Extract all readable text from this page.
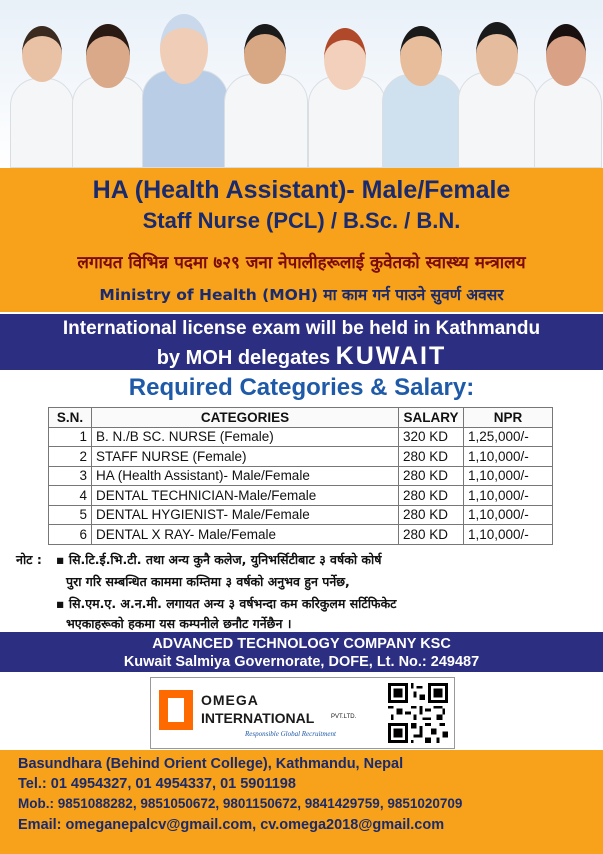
HA (Health Assistant)- Male/Female
Staff Nurse (PCL) / B.Sc. / B.N.
लगायत विभिन्न पदमा ७२९ जना नेपालीहरूलाई कुवेतको स्वास्थ्य मन्त्रालय
Ministry of Health (MOH) मा काम गर्न पाउने सुवर्ण अवसर
International license exam will be held in Kathmandu
by MOH delegates KUWAIT
Required Categories & Salary:
S.N.	CATEGORIES	SALARY	NPR
1	B. N./B SC. NURSE (Female)	320 KD	1,25,000/-
2	STAFF NURSE (Female)	280 KD	1,10,000/-
3	HA (Health Assistant)- Male/Female	280 KD	1,10,000/-
4	DENTAL TECHNICIAN-Male/Female	280 KD	1,10,000/-
5	DENTAL HYGIENIST- Male/Female	280 KD	1,10,000/-
6	DENTAL X RAY- Male/Female	280 KD	1,10,000/-
नोट : ▪ सि.टि.ई.भि.टी. तथा अन्य कुनै कलेज, युनिभर्सिटीबाट ३ वर्षको कोर्ष
पुरा गरि सम्बन्धित काममा कम्तिमा ३ वर्षको अनुभव हुन पर्नेछ,
▪ सि.एम.ए. अ.न.मी. लगायत अन्य ३ वर्षभन्दा कम करिकुलम सर्टिफिकेट
भएकाहरूको हकमा यस कम्पनीले छनौट गर्नेछैन ।
ADVANCED TECHNOLOGY COMPANY KSC
Kuwait Salmiya Governorate, DOFE, Lt. No.: 249487
OMEGA
INTERNATIONAL	PVT.LTD.
Responsible Global Recruitment
Basundhara (Behind Orient College), Kathmandu, Nepal
Tel.: 01 4954327, 01 4954337, 01 5901198
Mob.: 9851088282, 9851050672, 9801150672, 9841429759, 9851020709
Email: omeganepalcv@gmail.com, cv.omega2018@gmail.com
